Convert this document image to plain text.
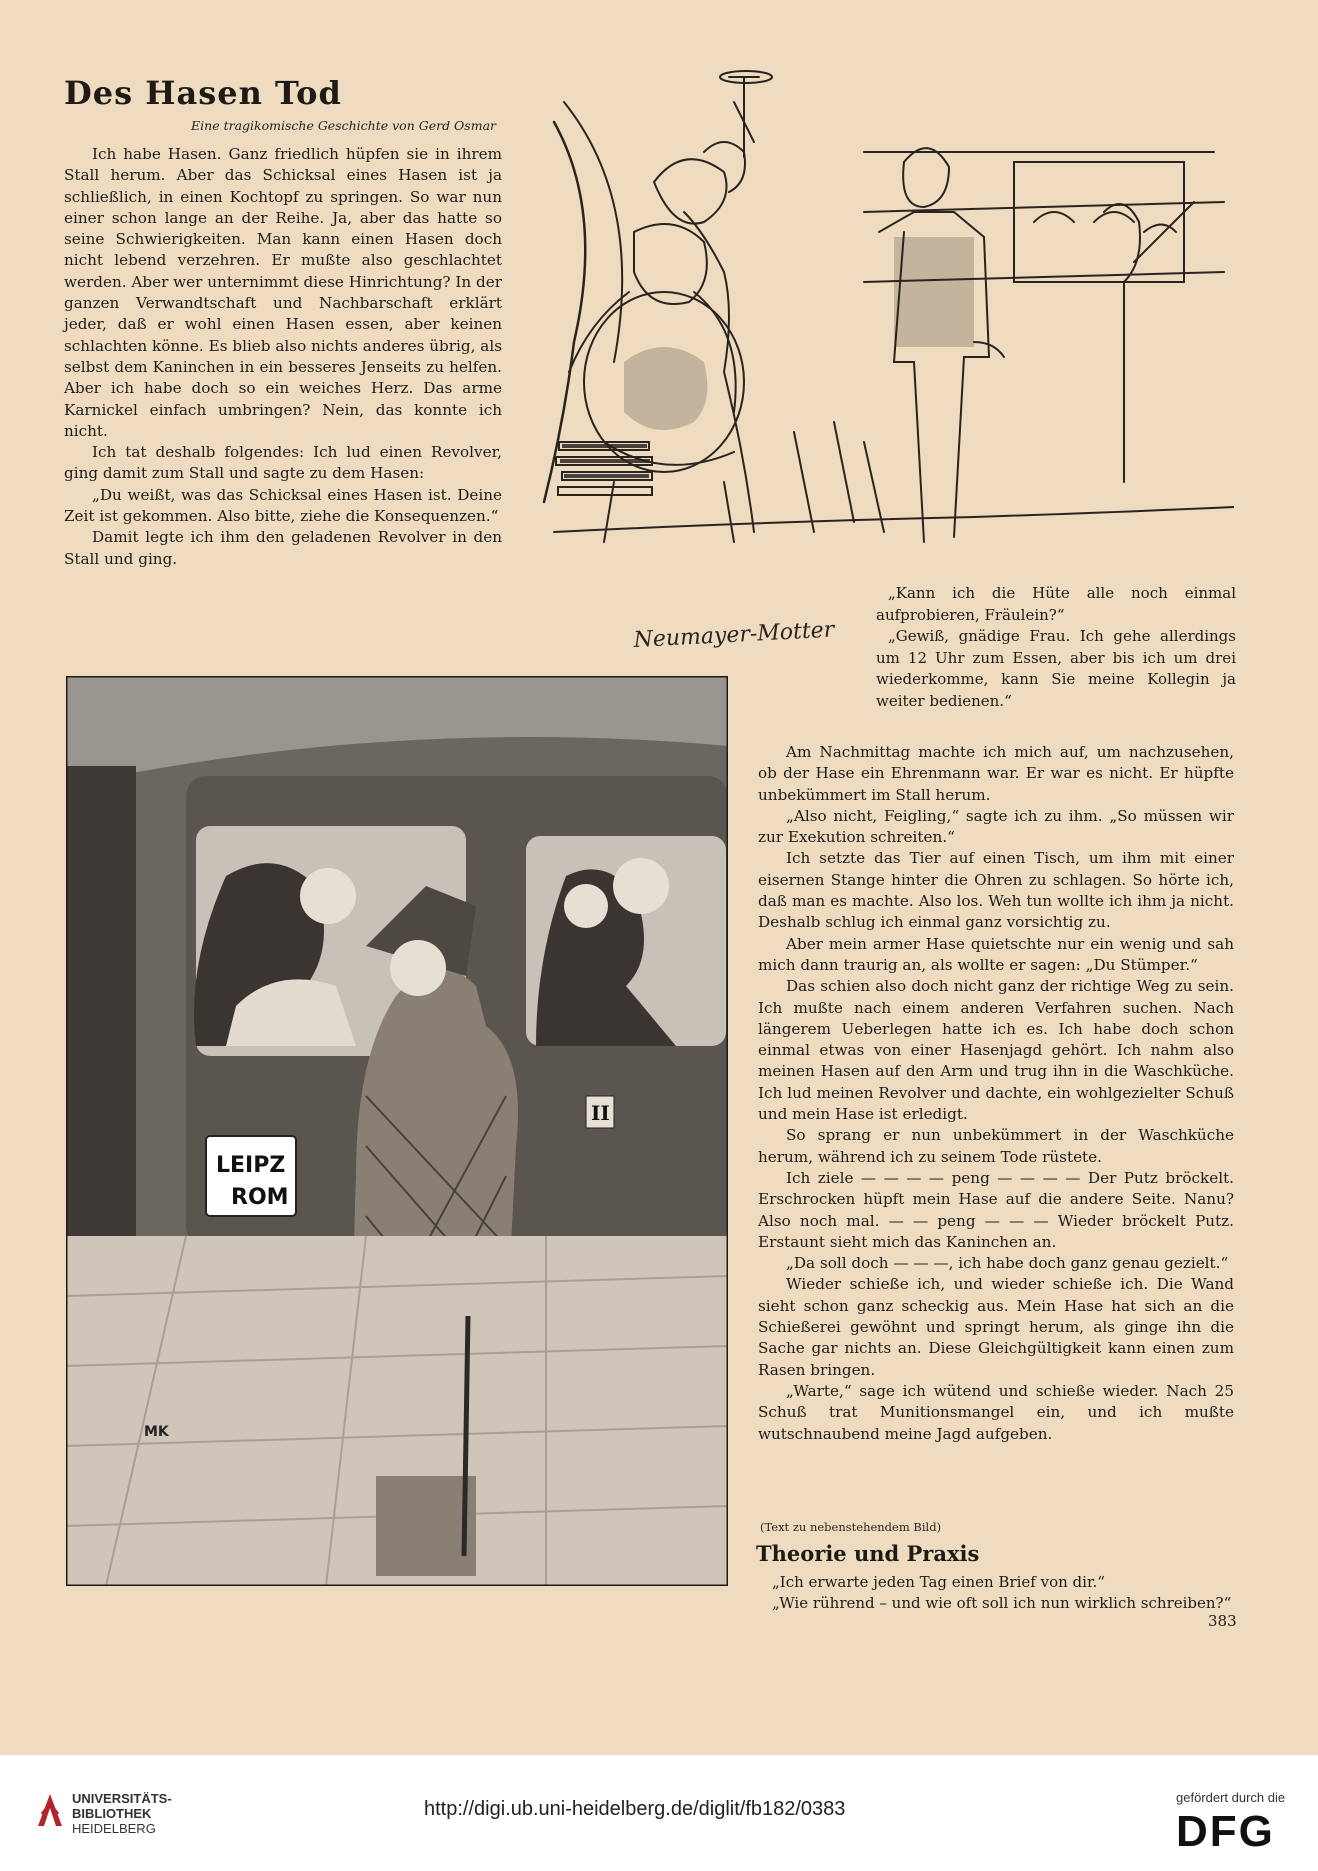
Des Hasen Tod
Eine tragikomische Geschichte von Gerd Osmar

Ich habe Hasen. Ganz friedlich hüpfen sie in ihrem Stall herum. Aber das Schicksal eines Hasen ist ja schließlich, in einen Kochtopf zu springen. So war nun einer schon lange an der Reihe. Ja, aber das hatte so seine Schwierigkeiten. Man kann einen Hasen doch nicht lebend verzehren. Er mußte also geschlachtet werden. Aber wer unternimmt diese Hinrichtung? In der ganzen Verwandtschaft und Nachbarschaft erklärt jeder, daß er wohl einen Hasen essen, aber keinen schlachten könne. Es blieb also nichts anderes übrig, als selbst dem Kaninchen in ein besseres Jenseits zu helfen. Aber ich habe doch so ein weiches Herz. Das arme Karnickel einfach umbringen? Nein, das konnte ich nicht.

Ich tat deshalb folgendes: Ich lud einen Revolver, ging damit zum Stall und sagte zu dem Hasen:

„Du weißt, was das Schicksal eines Hasen ist. Deine Zeit ist gekommen. Also bitte, ziehe die Konsequenzen.“

Damit legte ich ihm den geladenen Revolver in den Stall und ging.

Neumayer-Motter

„Kann ich die Hüte alle noch einmal aufprobieren, Fräulein?“

„Gewiß, gnädige Frau. Ich gehe allerdings um 12 Uhr zum Essen, aber bis ich um drei wiederkomme, kann Sie meine Kollegin ja weiter bedienen.“

LEIPZ
ROM
II
MK

Am Nachmittag machte ich mich auf, um nachzusehen, ob der Hase ein Ehrenmann war. Er war es nicht. Er hüpfte unbekümmert im Stall herum.

„Also nicht, Feigling,“ sagte ich zu ihm. „So müssen wir zur Exekution schreiten.“

Ich setzte das Tier auf einen Tisch, um ihm mit einer eisernen Stange hinter die Ohren zu schlagen. So hörte ich, daß man es machte. Also los. Weh tun wollte ich ihm ja nicht. Deshalb schlug ich einmal ganz vorsichtig zu.

Aber mein armer Hase quietschte nur ein wenig und sah mich dann traurig an, als wollte er sagen: „Du Stümper.“

Das schien also doch nicht ganz der richtige Weg zu sein. Ich mußte nach einem anderen Verfahren suchen. Nach längerem Ueberlegen hatte ich es. Ich habe doch schon einmal etwas von einer Hasenjagd gehört. Ich nahm also meinen Hasen auf den Arm und trug ihn in die Waschküche. Ich lud meinen Revolver und dachte, ein wohlgezielter Schuß und mein Hase ist erledigt.

So sprang er nun unbekümmert in der Waschküche herum, während ich zu seinem Tode rüstete.

Ich ziele — — — — peng — — — — Der Putz bröckelt. Erschrocken hüpft mein Hase auf die andere Seite. Nanu? Also noch mal. — — peng — — — Wieder bröckelt Putz. Erstaunt sieht mich das Kaninchen an.

„Da soll doch — — —, ich habe doch ganz genau gezielt.“

Wieder schieße ich, und wieder schieße ich. Die Wand sieht schon ganz scheckig aus. Mein Hase hat sich an die Schießerei gewöhnt und springt herum, als ginge ihn die Sache gar nichts an. Diese Gleichgültigkeit kann einen zum Rasen bringen.

„Warte,“ sage ich wütend und schieße wieder. Nach 25 Schuß trat Munitionsmangel ein, und ich mußte wutschnaubend meine Jagd aufgeben.

(Text zu nebenstehendem Bild)
Theorie und Praxis

„Ich erwarte jeden Tag einen Brief von dir.“

„Wie rührend – und wie oft soll ich nun wirklich schreiben?“

383
UNIVERSITÄTS-
BIBLIOTHEK
HEIDELBERG
http://digi.ub.uni-heidelberg.de/diglit/fb182/0383
gefördert durch die
DFG
